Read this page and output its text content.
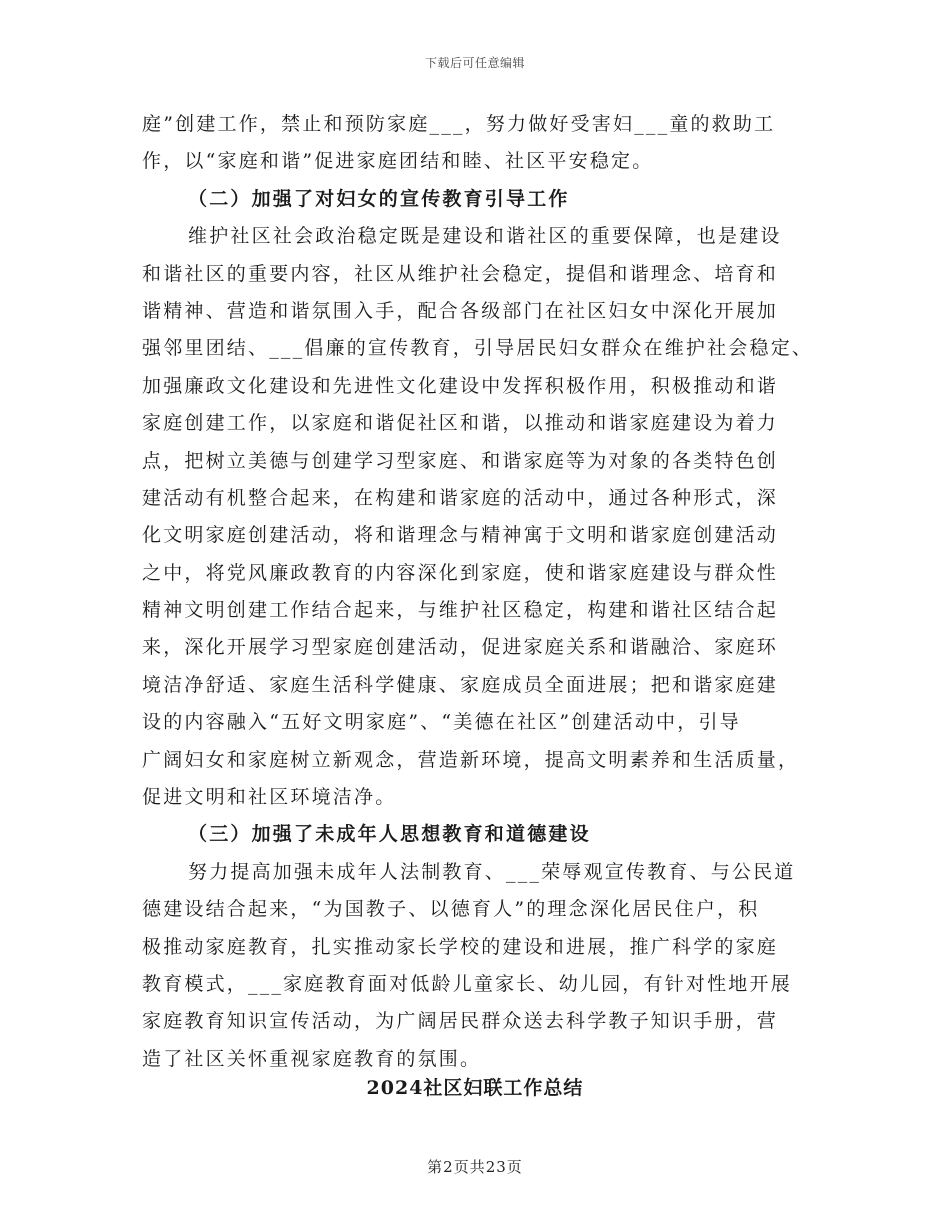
下载后可任意编辑
庭”创建工作，禁止和预防家庭___，努力做好受害妇___童的救助工
作，以“家庭和谐”促进家庭团结和睦、社区平安稳定。
（二）加强了对妇女的宣传教育引导工作
维护社区社会政治稳定既是建设和谐社区的重要保障，也是建设
和谐社区的重要内容，社区从维护社会稳定，提倡和谐理念、培育和
谐精神、营造和谐氛围入手，配合各级部门在社区妇女中深化开展加
强邻里团结、___倡廉的宣传教育，引导居民妇女群众在维护社会稳定、
加强廉政文化建设和先进性文化建设中发挥积极作用，积极推动和谐
家庭创建工作，以家庭和谐促社区和谐，以推动和谐家庭建设为着力
点，把树立美德与创建学习型家庭、和谐家庭等为对象的各类特色创
建活动有机整合起来，在构建和谐家庭的活动中，通过各种形式，深
化文明家庭创建活动，将和谐理念与精神寓于文明和谐家庭创建活动
之中，将党风廉政教育的内容深化到家庭，使和谐家庭建设与群众性
精神文明创建工作结合起来，与维护社区稳定，构建和谐社区结合起
来，深化开展学习型家庭创建活动，促进家庭关系和谐融洽、家庭环
境洁净舒适、家庭生活科学健康、家庭成员全面进展；把和谐家庭建
设的内容融入“五好文明家庭”、“美德在社区”创建活动中，引导
广阔妇女和家庭树立新观念，营造新环境，提高文明素养和生活质量，
促进文明和社区环境洁净。
（三）加强了未成年人思想教育和道德建设
努力提高加强未成年人法制教育、___荣辱观宣传教育、与公民道
德建设结合起来，“为国教子、以德育人”的理念深化居民住户，积
极推动家庭教育，扎实推动家长学校的建设和进展，推广科学的家庭
教育模式，___家庭教育面对低龄儿童家长、幼儿园，有针对性地开展
家庭教育知识宣传活动，为广阔居民群众送去科学教子知识手册，营
造了社区关怀重视家庭教育的氛围。
2024社区妇联工作总结
第2页共23页
